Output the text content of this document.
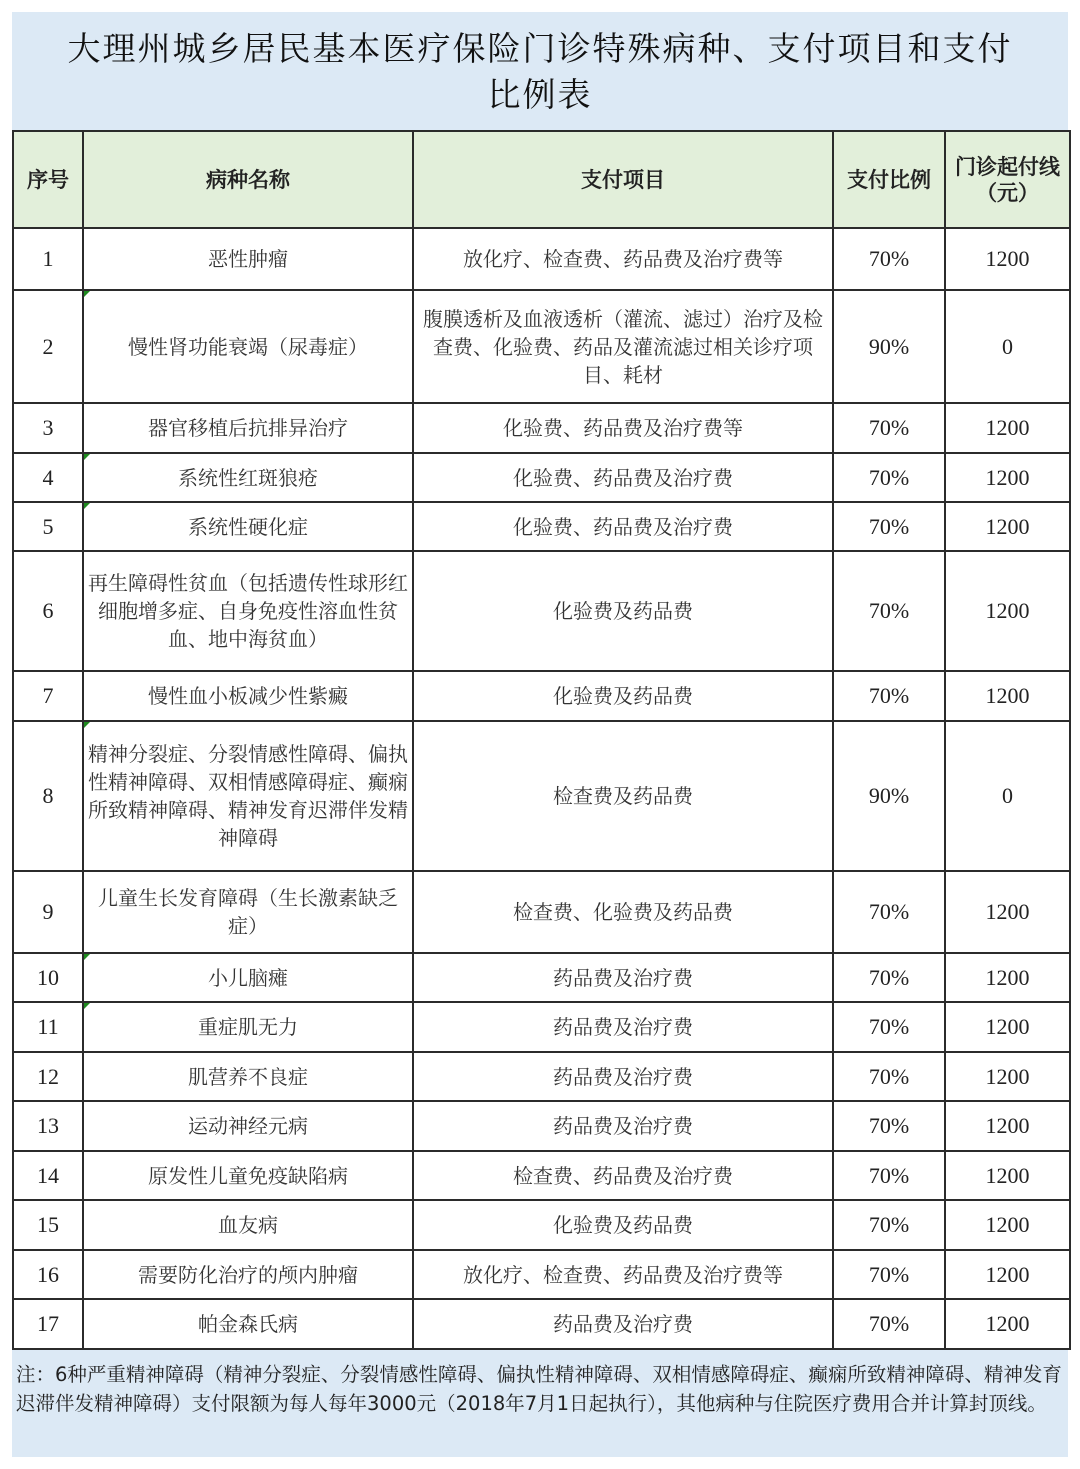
大理州城乡居民基本医疗保险门诊特殊病种、支付项目和支付
比例表
序号	病种名称	支付项目	支付比例	门诊起付线（元）
1	恶性肿瘤	放化疗、检查费、药品费及治疗费等	70%	1200
2	慢性肾功能衰竭（尿毒症）	腹膜透析及血液透析（灌流、滤过）治疗及检查费、化验费、药品及灌流滤过相关诊疗项目、耗材	90%	0
3	器官移植后抗排异治疗	化验费、药品费及治疗费等	70%	1200
4	系统性红斑狼疮	化验费、药品费及治疗费	70%	1200
5	系统性硬化症	化验费、药品费及治疗费	70%	1200
6	再生障碍性贫血（包括遗传性球形红细胞增多症、自身免疫性溶血性贫血、地中海贫血）	化验费及药品费	70%	1200
7	慢性血小板减少性紫癜	化验费及药品费	70%	1200
8	精神分裂症、分裂情感性障碍、偏执性精神障碍、双相情感障碍症、癫痫所致精神障碍、精神发育迟滞伴发精神障碍	检查费及药品费	90%	0
9	儿童生长发育障碍（生长激素缺乏症）	检查费、化验费及药品费	70%	1200
10	小儿脑瘫	药品费及治疗费	70%	1200
11	重症肌无力	药品费及治疗费	70%	1200
12	肌营养不良症	药品费及治疗费	70%	1200
13	运动神经元病	药品费及治疗费	70%	1200
14	原发性儿童免疫缺陷病	检查费、药品费及治疗费	70%	1200
15	血友病	化验费及药品费	70%	1200
16	需要防化治疗的颅内肿瘤	放化疗、检查费、药品费及治疗费等	70%	1200
17	帕金森氏病	药品费及治疗费	70%	1200
注：6种严重精神障碍（精神分裂症、分裂情感性障碍、偏执性精神障碍、双相情感障碍症、癫痫所致精神障碍、精神发育迟滞伴发精神障碍）支付限额为每人每年3000元（2018年7月1日起执行），其他病种与住院医疗费用合并计算封顶线。
